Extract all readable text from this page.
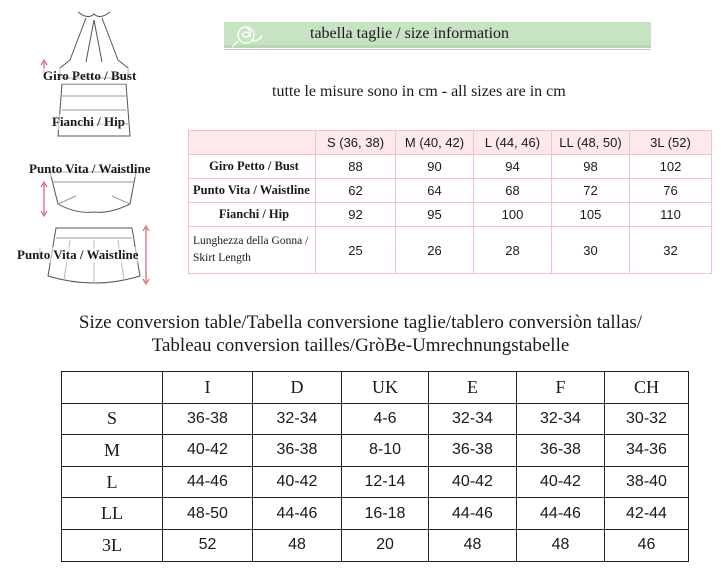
Giro Petto / Bust
Fianchi / Hip
Punto Vita / Waistline
Punto Vita / Waistline
tabella taglie / size information
tutte le misure sono in cm - all sizes are in cm
	S (36, 38)	M (40, 42)	L (44, 46)	LL (48, 50)	3L (52)
Giro Petto / Bust	88	90	94	98	102
Punto Vita / Waistline	62	64	68	72	76
Fianchi / Hip	92	95	100	105	110
Lunghezza della Gonna / Skirt Length	25	26	28	30	32
Size conversion table/Tabella conversione taglie/tablero conversiòn tallas/
Tableau conversion tailles/GròBe-Umrechnungstabelle
	I	D	UK	E	F	CH
S	36-38	32-34	4-6	32-34	32-34	30-32
M	40-42	36-38	8-10	36-38	36-38	34-36
L	44-46	40-42	12-14	40-42	40-42	38-40
LL	48-50	44-46	16-18	44-46	44-46	42-44
3L	52	48	20	48	48	46
